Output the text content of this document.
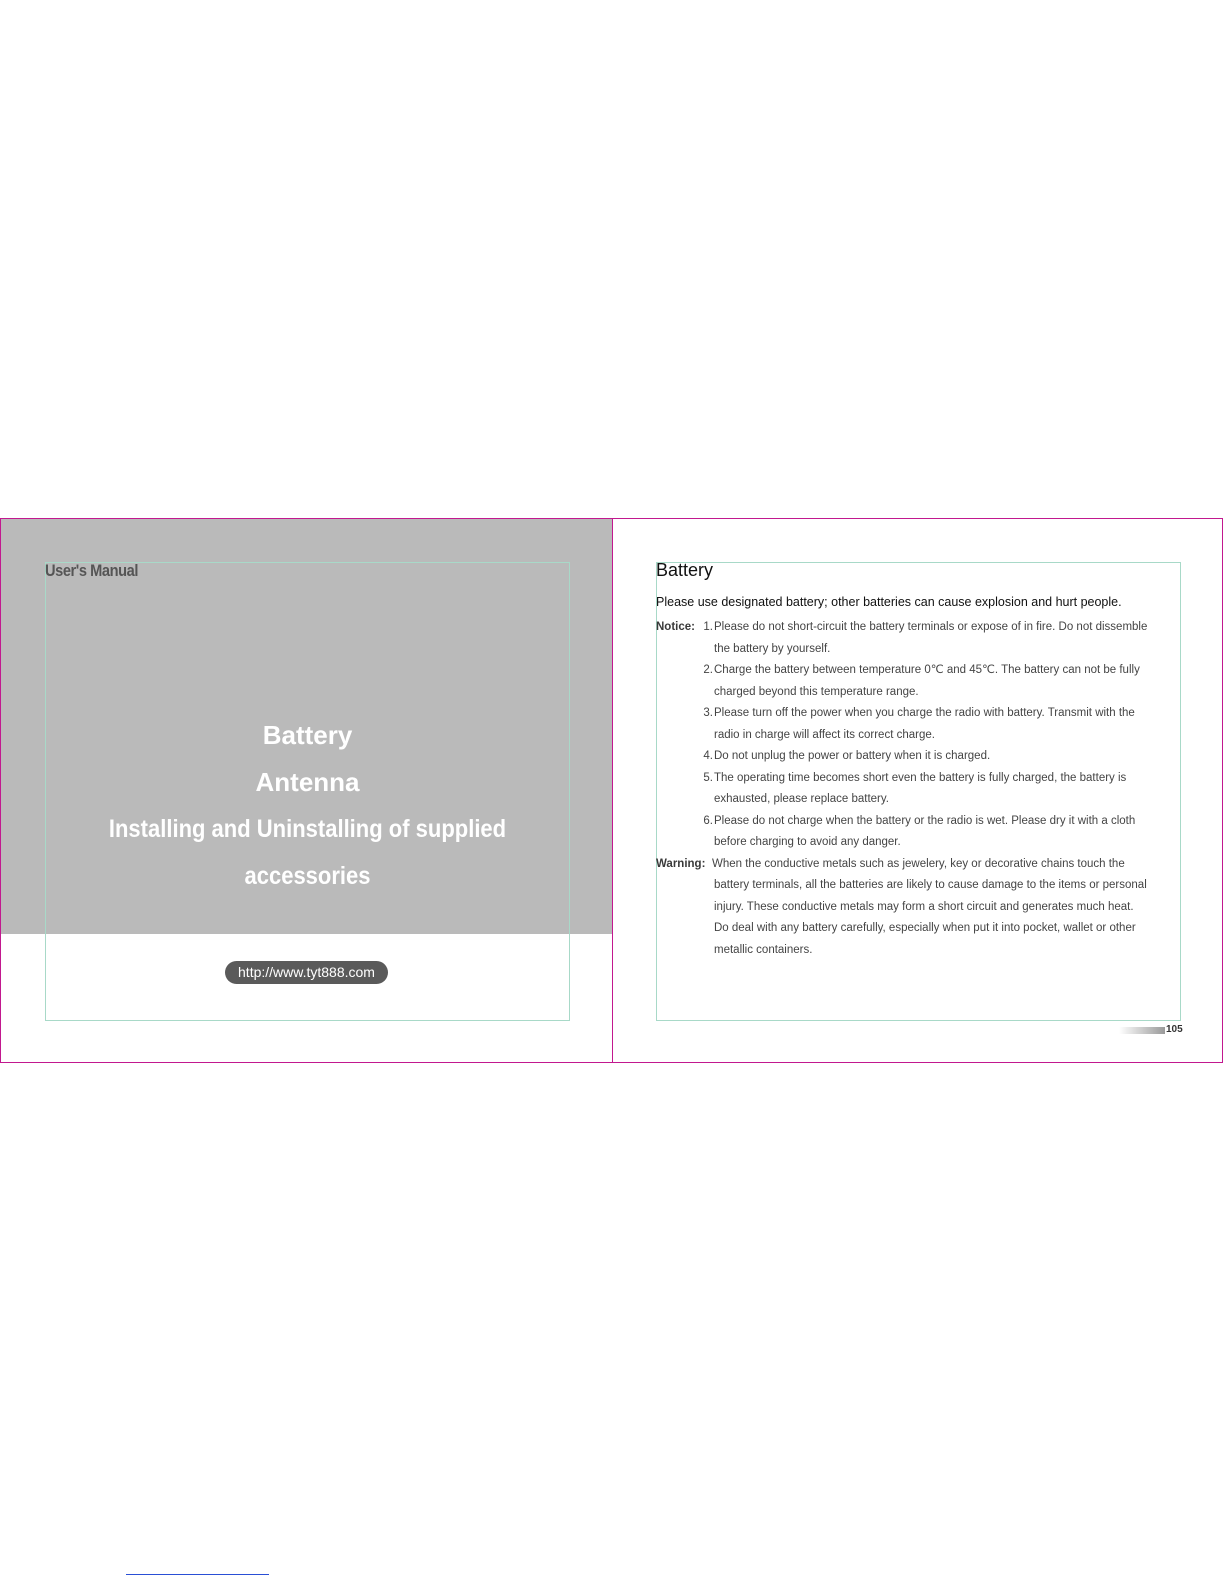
User's Manual
Battery
Antenna
Installing and Uninstalling of supplied accessories
http://www.tyt888.com
Battery
Please use designated battery; other batteries can cause explosion and hurt people.
Notice: 1. Please do not short-circuit the battery terminals or expose of in fire. Do not dissemble
the battery by yourself.
2. Charge the battery between temperature 0℃ and 45℃. The battery can not be fully
charged beyond this temperature range.
3. Please turn off the power when you charge the radio with battery. Transmit with the
radio in charge will affect its correct charge.
4. Do not unplug the power or battery when it is charged.
5. The operating time becomes short even the battery is fully charged, the battery is
exhausted, please replace battery.
6. Please do not charge when the battery or the radio is wet. Please dry it with a cloth
before charging to avoid any danger.
Warning: When the conductive metals such as jewelery, key or decorative chains touch the
battery terminals, all the batteries are likely to cause damage to the items or personal
injury. These conductive metals may form a short circuit and generates much heat.
Do deal with any battery carefully, especially when put it into pocket, wallet or other
metallic containers.
105
